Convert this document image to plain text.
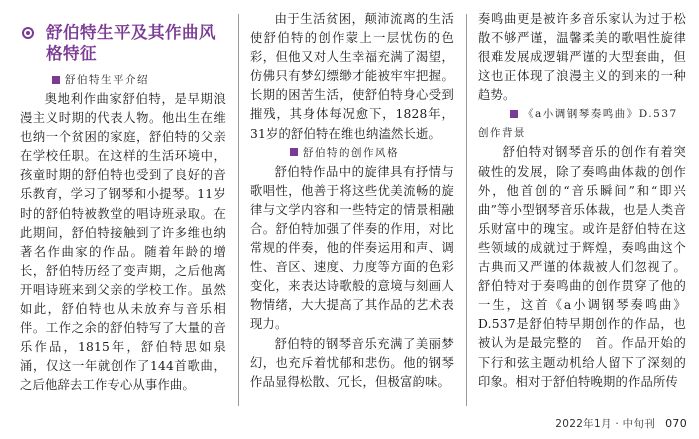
舒伯特生平及其作曲风格特征
舒伯特生平介绍

奥地利作曲家舒伯特，是早期浪漫主义时期的代表人物。他出生在维也纳一个贫困的家庭，舒伯特的父亲在学校任职。在这样的生活环境中，孩童时期的舒伯特也受到了良好的音乐教育，学习了钢琴和小提琴。11岁时的舒伯特被教堂的唱诗班录取。在此期间，舒伯特接触到了许多维也纳著名作曲家的作品。随着年龄的增长，舒伯特历经了变声期，之后他离开唱诗班来到父亲的学校工作。虽然如此，舒伯特也从未放弃与音乐相伴。工作之余的舒伯特写了大量的音乐作品，1815年，舒伯特思如泉涌，仅这一年就创作了144首歌曲，之后他辞去工作专心从事作曲。

由于生活贫困，颠沛流离的生活使舒伯特的创作蒙上一层忧伤的色彩，但他又对人生幸福充满了渴望，仿佛只有梦幻缥缈才能被牢牢把握。长期的困苦生活，使舒伯特身心受到摧残，其身体每况愈下，1828年，31岁的舒伯特在维也纳溘然长逝。

舒伯特的创作风格

舒伯特作品中的旋律具有抒情与歌唱性，他善于将这些优美流畅的旋律与文学内容和一些特定的情景相融合。舒伯特加强了伴奏的作用，对比常规的伴奏，他的伴奏运用和声、调性、音区、速度、力度等方面的色彩变化，来表达诗歌般的意境与刻画人物情绪，大大提高了其作品的艺术表现力。

舒伯特的钢琴音乐充满了美丽梦幻，也充斥着忧郁和悲伤。他的钢琴作品显得松散、冗长，但极富韵味。

奏鸣曲更是被许多音乐家认为过于松散不够严谨，温馨柔美的歌唱性旋律很难发展成逻辑严谨的大型套曲，但这也正体现了浪漫主义的到来的一种趋势。

《a小调钢琴奏鸣曲》D.537
创作背景

舒伯特对钢琴音乐的创作有着突破性的发展，除了奏鸣曲体裁的创作外，他首创的“音乐瞬间”和“即兴曲”等小型钢琴音乐体裁，也是人类音乐财富中的瑰宝。或许是舒伯特在这些领域的成就过于辉煌，奏鸣曲这个古典而又严谨的体裁被人们忽视了。舒伯特对于奏鸣曲的创作贯穿了他的一生，这首《a小调钢琴奏鸣曲》D.537是舒伯特早期创作的作品，也被认为是最完整的　首。作品开始的下行和弦主题动机给人留下了深刻的印象。相对于舒伯特晚期的作品所传

2022年1月 · 中旬刊 070
